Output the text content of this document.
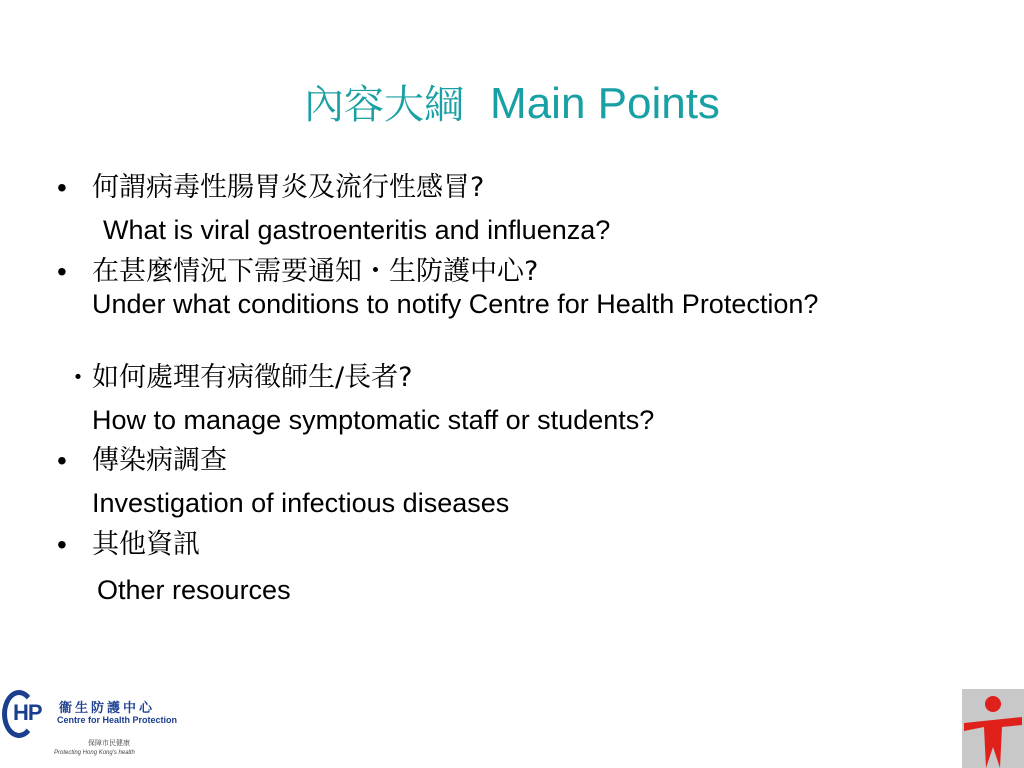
內容大綱 Main Points
• 何謂病毒性腸胃炎及流行性感冒?
What is viral gastroenteritis and influenza?
• 在甚麼情況下需要通知・生防護中心?
Under what conditions to notify Centre for Health Protection?
・ 如何處理有病徵師生/長者?
How to manage symptomatic staff or students?
• 傳染病調查
Investigation of infectious diseases
• 其他資訊
Other resources
HP 衞生防護中心
Centre for Health Protection
保障市民健康
Protecting Hong Kong's health
